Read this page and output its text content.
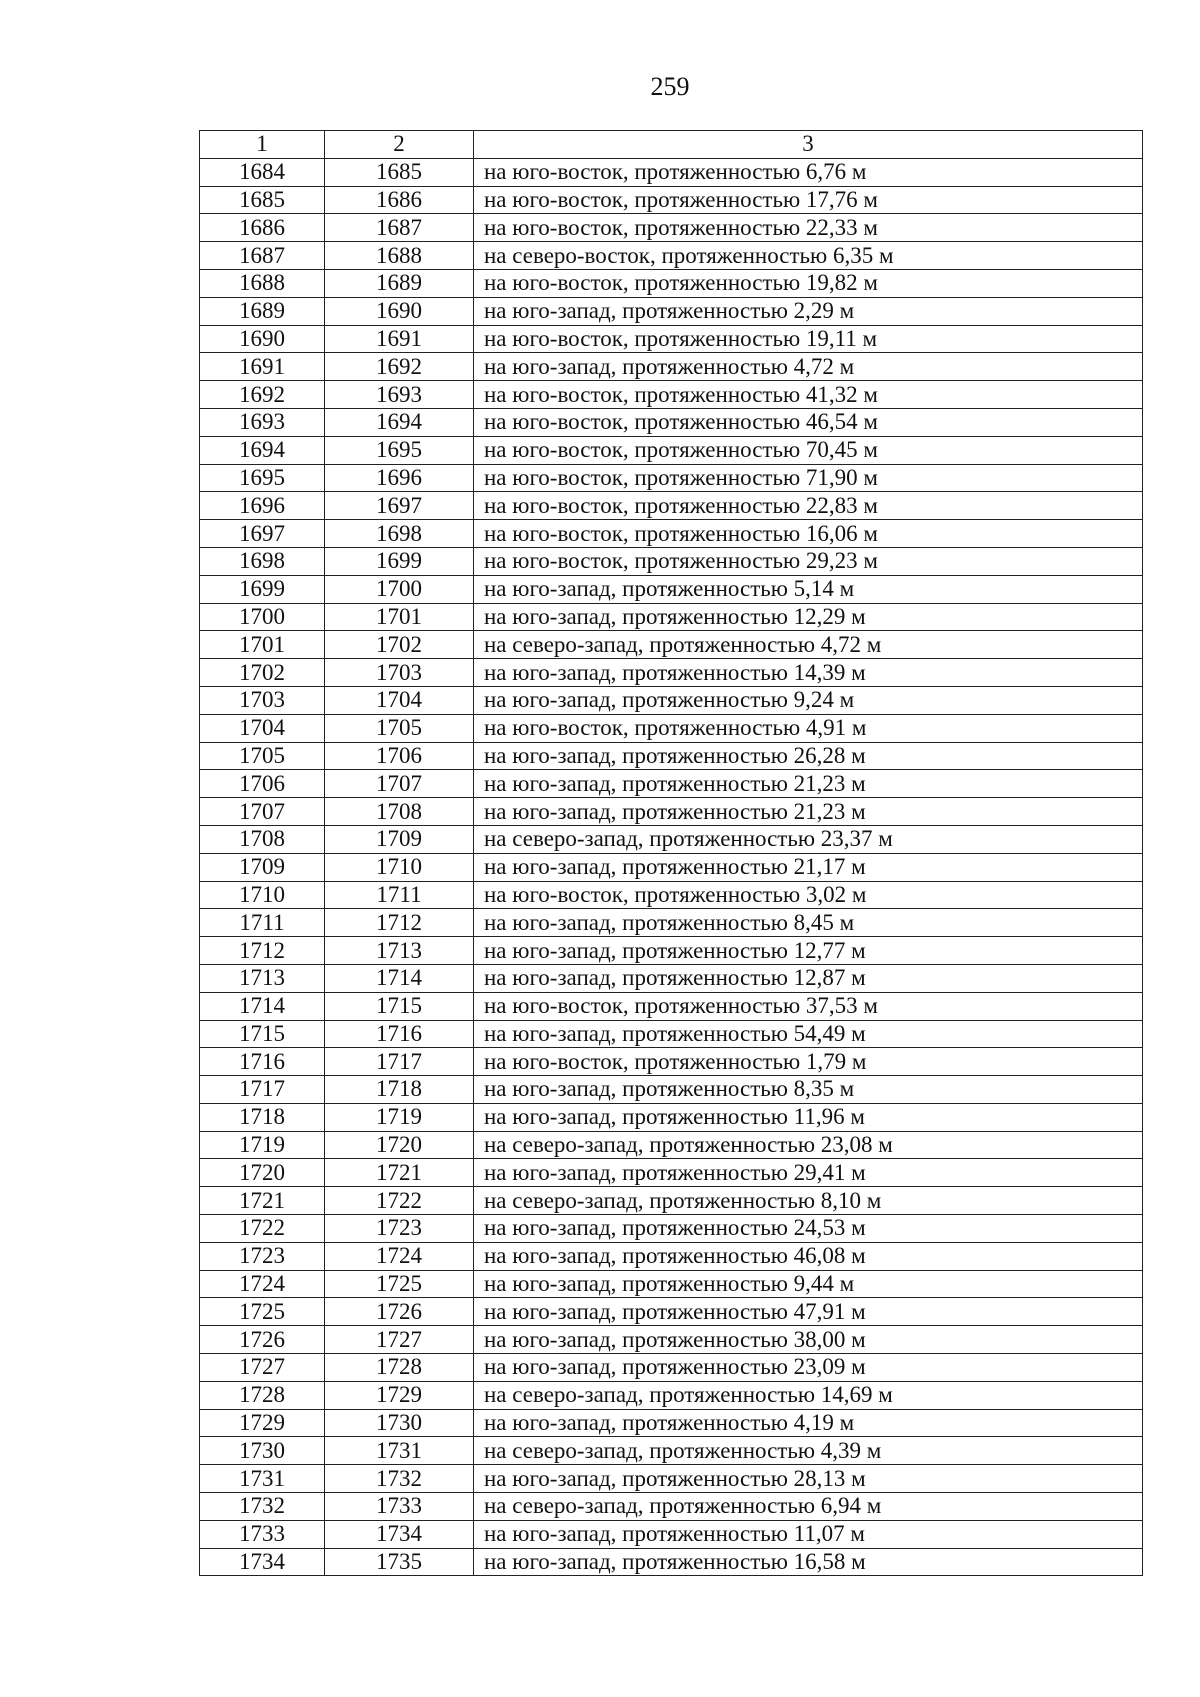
259
1	2	3
1684	1685	на юго-восток, протяженностью 6,76 м
1685	1686	на юго-восток, протяженностью 17,76 м
1686	1687	на юго-восток, протяженностью 22,33 м
1687	1688	на северо-восток, протяженностью 6,35 м
1688	1689	на юго-восток, протяженностью 19,82 м
1689	1690	на юго-запад, протяженностью 2,29 м
1690	1691	на юго-восток, протяженностью 19,11 м
1691	1692	на юго-запад, протяженностью 4,72 м
1692	1693	на юго-восток, протяженностью 41,32 м
1693	1694	на юго-восток, протяженностью 46,54 м
1694	1695	на юго-восток, протяженностью 70,45 м
1695	1696	на юго-восток, протяженностью 71,90 м
1696	1697	на юго-восток, протяженностью 22,83 м
1697	1698	на юго-восток, протяженностью 16,06 м
1698	1699	на юго-восток, протяженностью 29,23 м
1699	1700	на юго-запад, протяженностью 5,14 м
1700	1701	на юго-запад, протяженностью 12,29 м
1701	1702	на северо-запад, протяженностью 4,72 м
1702	1703	на юго-запад, протяженностью 14,39 м
1703	1704	на юго-запад, протяженностью 9,24 м
1704	1705	на юго-восток, протяженностью 4,91 м
1705	1706	на юго-запад, протяженностью 26,28 м
1706	1707	на юго-запад, протяженностью 21,23 м
1707	1708	на юго-запад, протяженностью 21,23 м
1708	1709	на северо-запад, протяженностью 23,37 м
1709	1710	на юго-запад, протяженностью 21,17 м
1710	1711	на юго-восток, протяженностью 3,02 м
1711	1712	на юго-запад, протяженностью 8,45 м
1712	1713	на юго-запад, протяженностью 12,77 м
1713	1714	на юго-запад, протяженностью 12,87 м
1714	1715	на юго-восток, протяженностью 37,53 м
1715	1716	на юго-запад, протяженностью 54,49 м
1716	1717	на юго-восток, протяженностью 1,79 м
1717	1718	на юго-запад, протяженностью 8,35 м
1718	1719	на юго-запад, протяженностью 11,96 м
1719	1720	на северо-запад, протяженностью 23,08 м
1720	1721	на юго-запад, протяженностью 29,41 м
1721	1722	на северо-запад, протяженностью 8,10 м
1722	1723	на юго-запад, протяженностью 24,53 м
1723	1724	на юго-запад, протяженностью 46,08 м
1724	1725	на юго-запад, протяженностью 9,44 м
1725	1726	на юго-запад, протяженностью 47,91 м
1726	1727	на юго-запад, протяженностью 38,00 м
1727	1728	на юго-запад, протяженностью 23,09 м
1728	1729	на северо-запад, протяженностью 14,69 м
1729	1730	на юго-запад, протяженностью 4,19 м
1730	1731	на северо-запад, протяженностью 4,39 м
1731	1732	на юго-запад, протяженностью 28,13 м
1732	1733	на северо-запад, протяженностью 6,94 м
1733	1734	на юго-запад, протяженностью 11,07 м
1734	1735	на юго-запад, протяженностью 16,58 м
